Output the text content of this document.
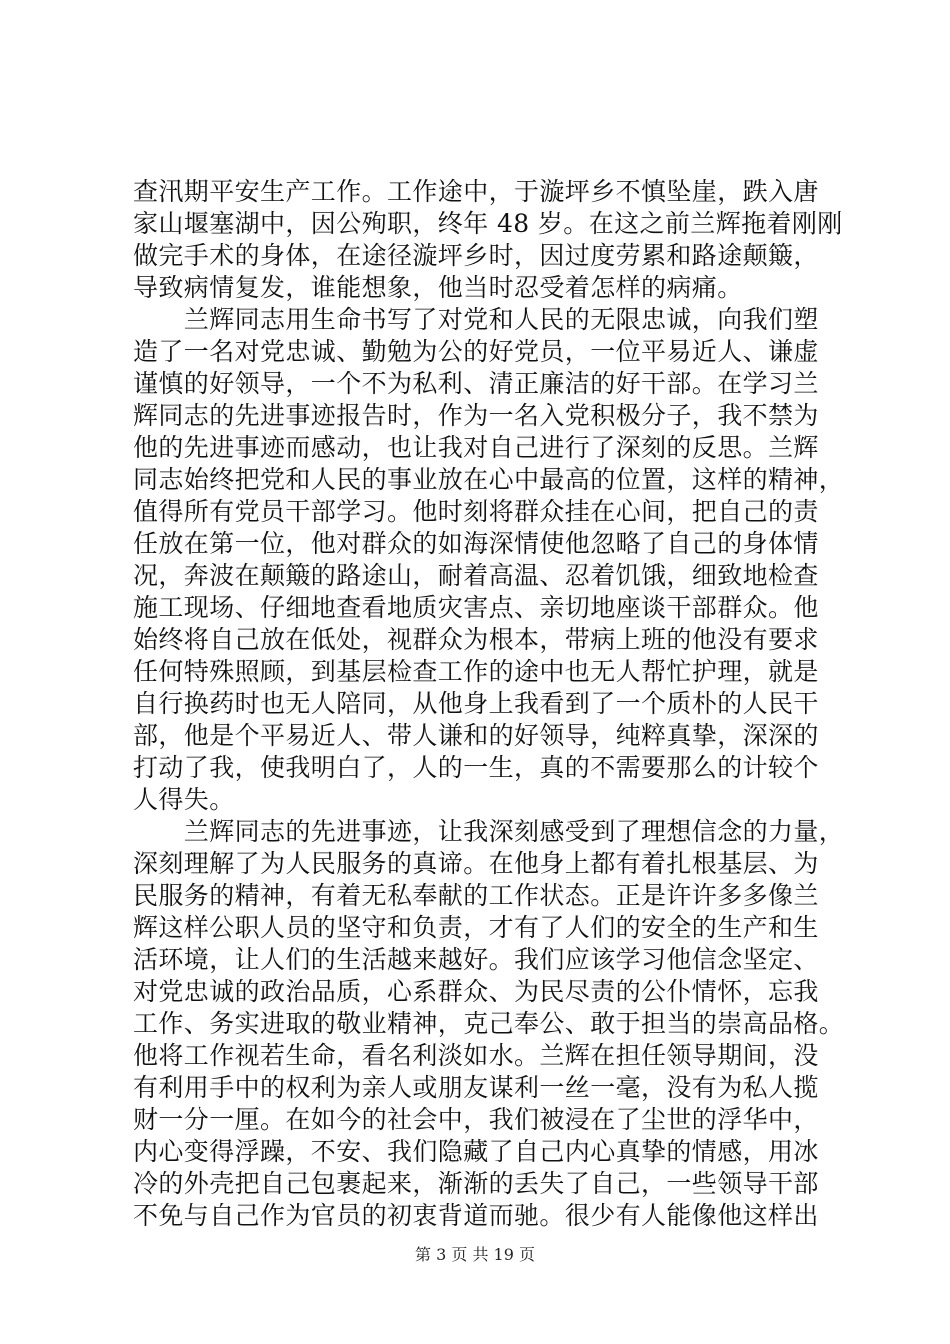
查汛期平安生产工作。工作途中，于漩坪乡不慎坠崖，跌入唐
家山堰塞湖中，因公殉职，终年 48 岁。在这之前兰辉拖着刚刚
做完手术的身体，在途径漩坪乡时，因过度劳累和路途颠簸，
导致病情复发，谁能想象，他当时忍受着怎样的病痛。
　　兰辉同志用生命书写了对党和人民的无限忠诚，向我们塑
造了一名对党忠诚、勤勉为公的好党员，一位平易近人、谦虚
谨慎的好领导，一个不为私利、清正廉洁的好干部。在学习兰
辉同志的先进事迹报告时，作为一名入党积极分子，我不禁为
他的先进事迹而感动，也让我对自己进行了深刻的反思。兰辉
同志始终把党和人民的事业放在心中最高的位置，这样的精神，
值得所有党员干部学习。他时刻将群众挂在心间，把自己的责
任放在第一位，他对群众的如海深情使他忽略了自己的身体情
况，奔波在颠簸的路途山，耐着高温、忍着饥饿，细致地检查
施工现场、仔细地查看地质灾害点、亲切地座谈干部群众。他
始终将自己放在低处，视群众为根本，带病上班的他没有要求
任何特殊照顾，到基层检查工作的途中也无人帮忙护理，就是
自行换药时也无人陪同，从他身上我看到了一个质朴的人民干
部，他是个平易近人、带人谦和的好领导，纯粹真挚，深深的
打动了我，使我明白了，人的一生，真的不需要那么的计较个
人得失。
　　兰辉同志的先进事迹，让我深刻感受到了理想信念的力量，
深刻理解了为人民服务的真谛。在他身上都有着扎根基层、为
民服务的精神，有着无私奉献的工作状态。正是许许多多像兰
辉这样公职人员的坚守和负责，才有了人们的安全的生产和生
活环境，让人们的生活越来越好。我们应该学习他信念坚定、
对党忠诚的政治品质，心系群众、为民尽责的公仆情怀，忘我
工作、务实进取的敬业精神，克己奉公、敢于担当的崇高品格。
他将工作视若生命，看名利淡如水。兰辉在担任领导期间，没
有利用手中的权利为亲人或朋友谋利一丝一毫，没有为私人揽
财一分一厘。在如今的社会中，我们被浸在了尘世的浮华中，
内心变得浮躁，不安、我们隐藏了自己内心真挚的情感，用冰
冷的外壳把自己包裹起来，渐渐的丢失了自己，一些领导干部
不免与自己作为官员的初衷背道而驰。很少有人能像他这样出
第 3 页 共 19 页
